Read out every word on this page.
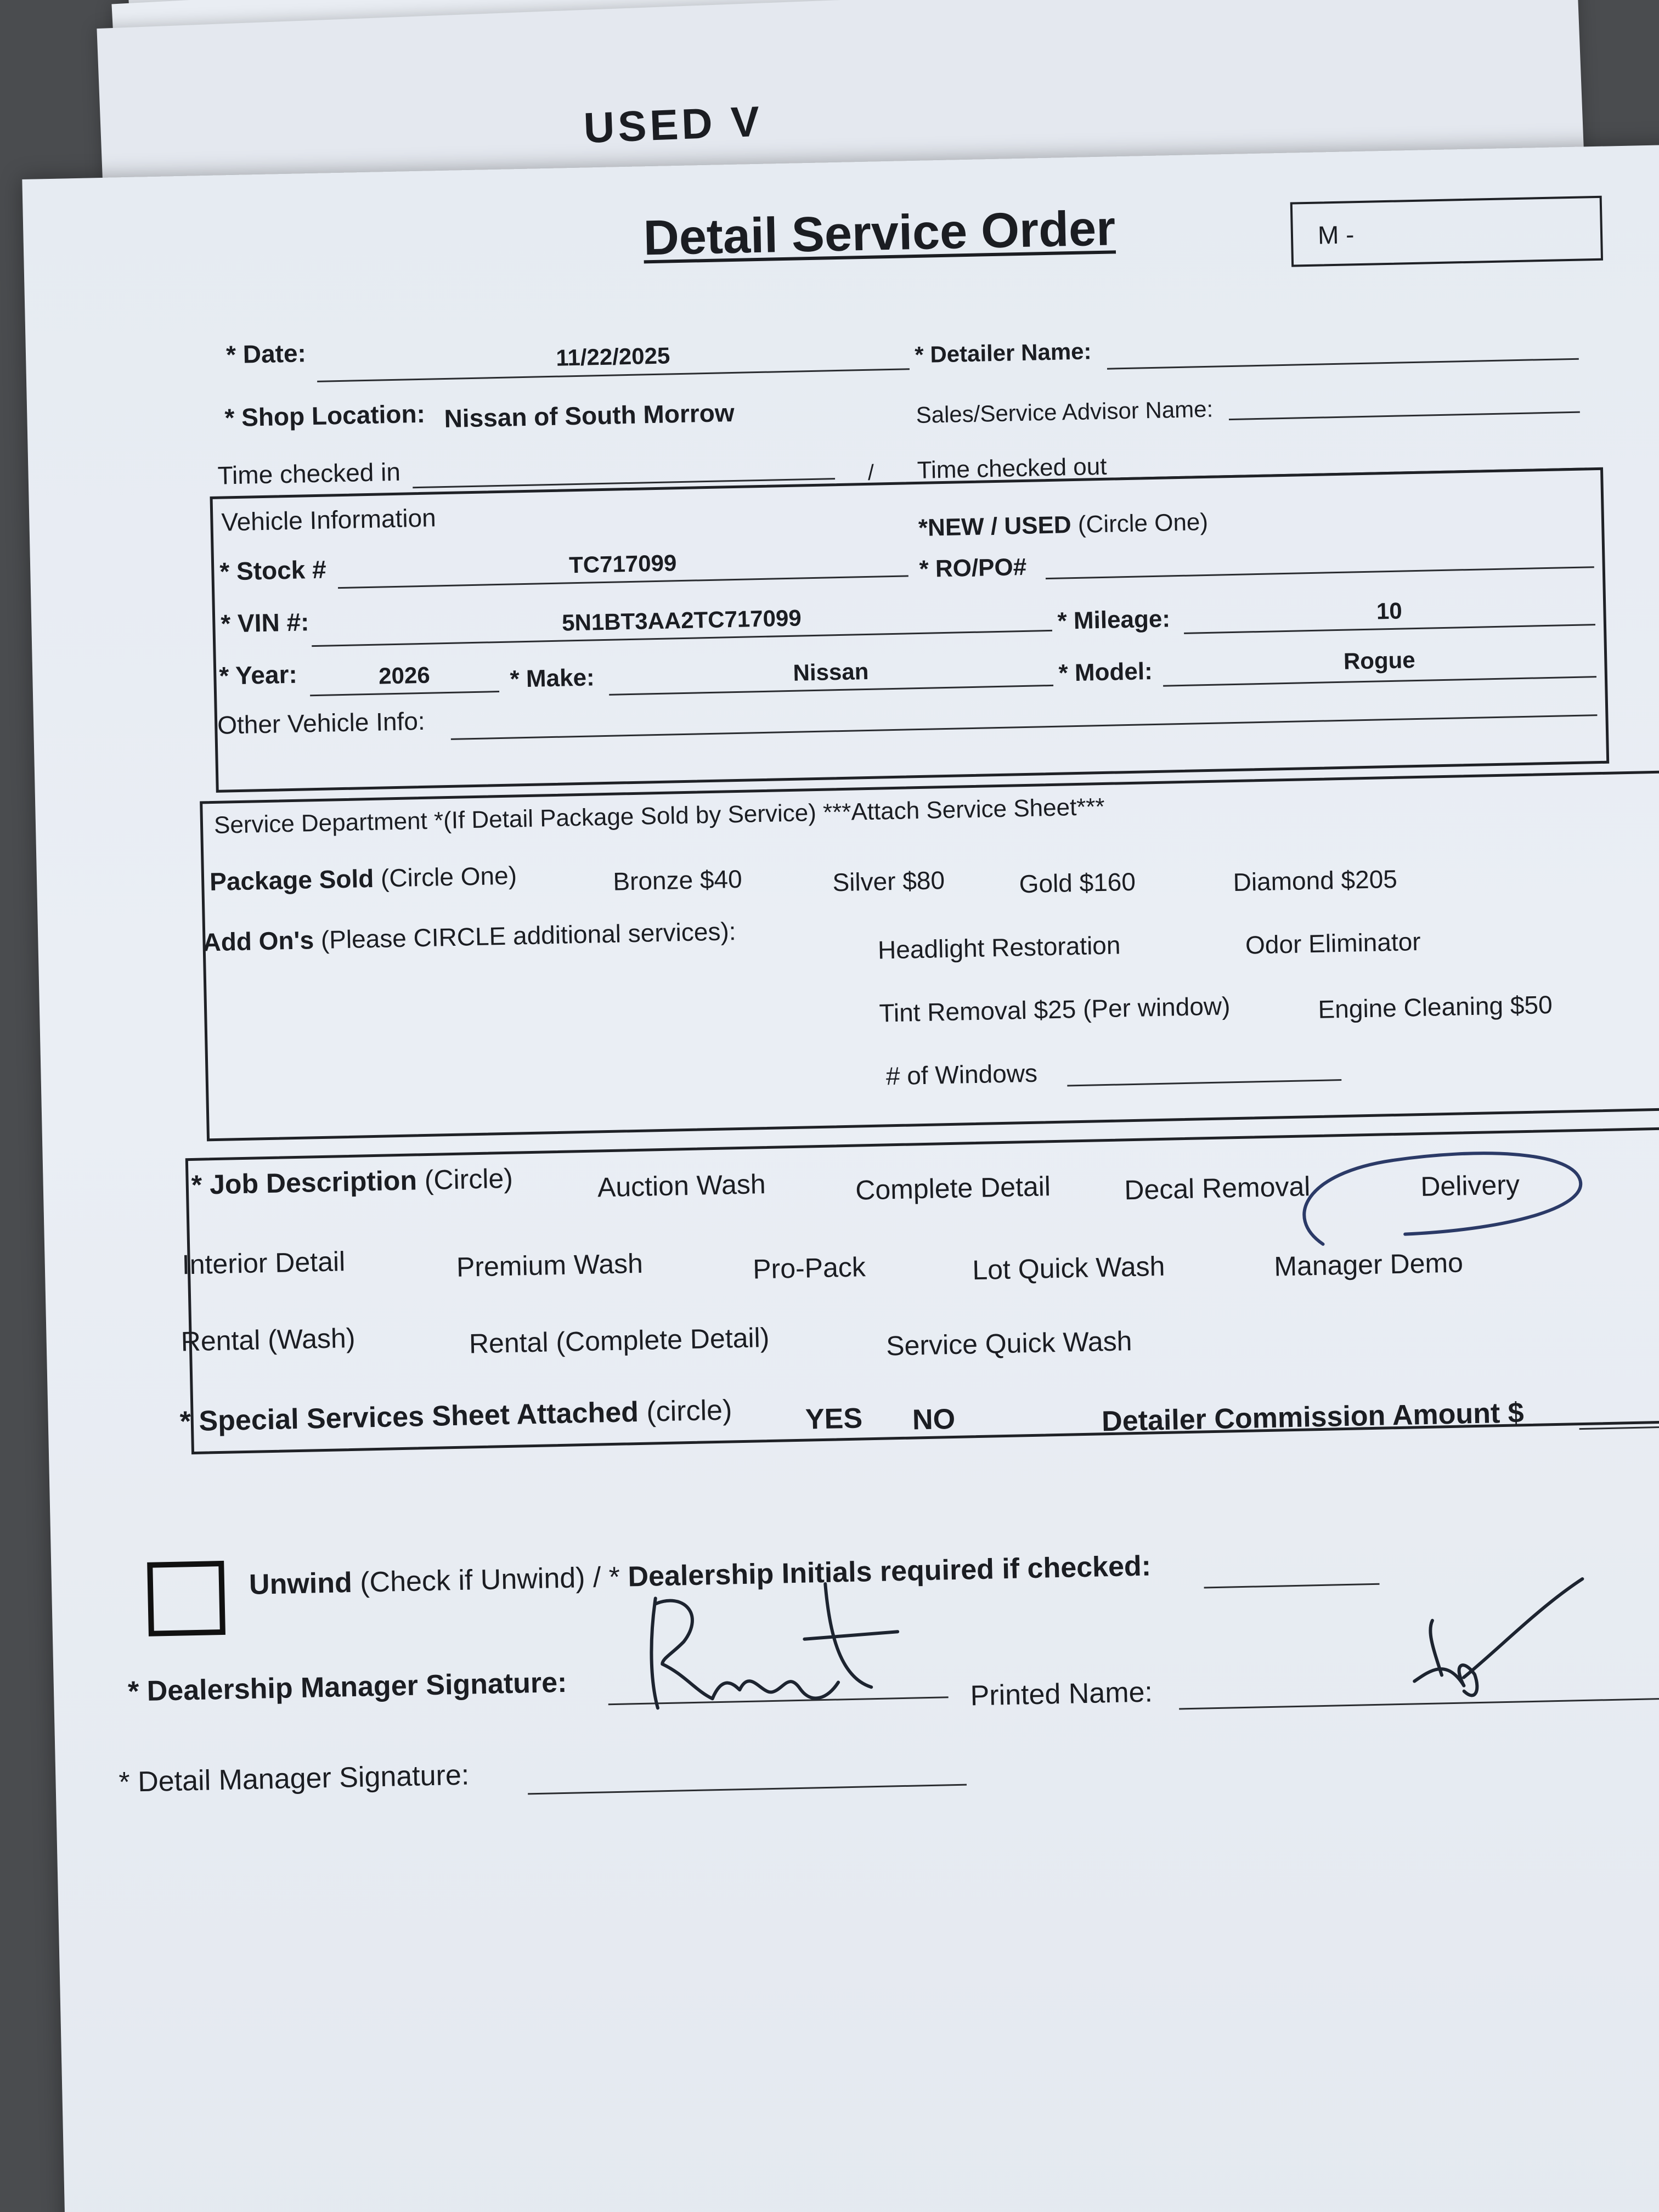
USED V
Detail Service Order	M -
* Date:	11/22/2025	* Detailer Name:
* Shop Location: Nissan of South Morrow	Sales/Service Advisor Name:
Time checked in	/ Time checked out
Vehicle Information	*NEW / USED (Circle One)
* Stock #	TC717099	* RO/PO#
* VIN #:	5N1BT3AA2TC717099	* Mileage:	10
* Year:	2026	* Make:	Nissan	* Model:	Rogue
Other Vehicle Info:
Service Department *(If Detail Package Sold by Service) ***Attach Service Sheet***
Package Sold (Circle One)	Bronze $40	Silver $80	Gold $160	Diamond $205
Add On's (Please CIRCLE additional services):	Headlight Restoration	Odor Eliminator
Tint Removal $25 (Per window)	Engine Cleaning $50
# of Windows
* Job Description (Circle)	Auction Wash	Complete Detail	Decal Removal	Delivery
Interior Detail	Premium Wash	Pro-Pack	Lot Quick Wash	Manager Demo
Rental (Wash)	Rental (Complete Detail)	Service Quick Wash
* Special Services Sheet Attached (circle)	YES NO	Detailer Commission Amount $
Unwind (Check if Unwind) / * Dealership Initials required if checked:
* Dealership Manager Signature:	Printed Name:
* Detail Manager Signature:
